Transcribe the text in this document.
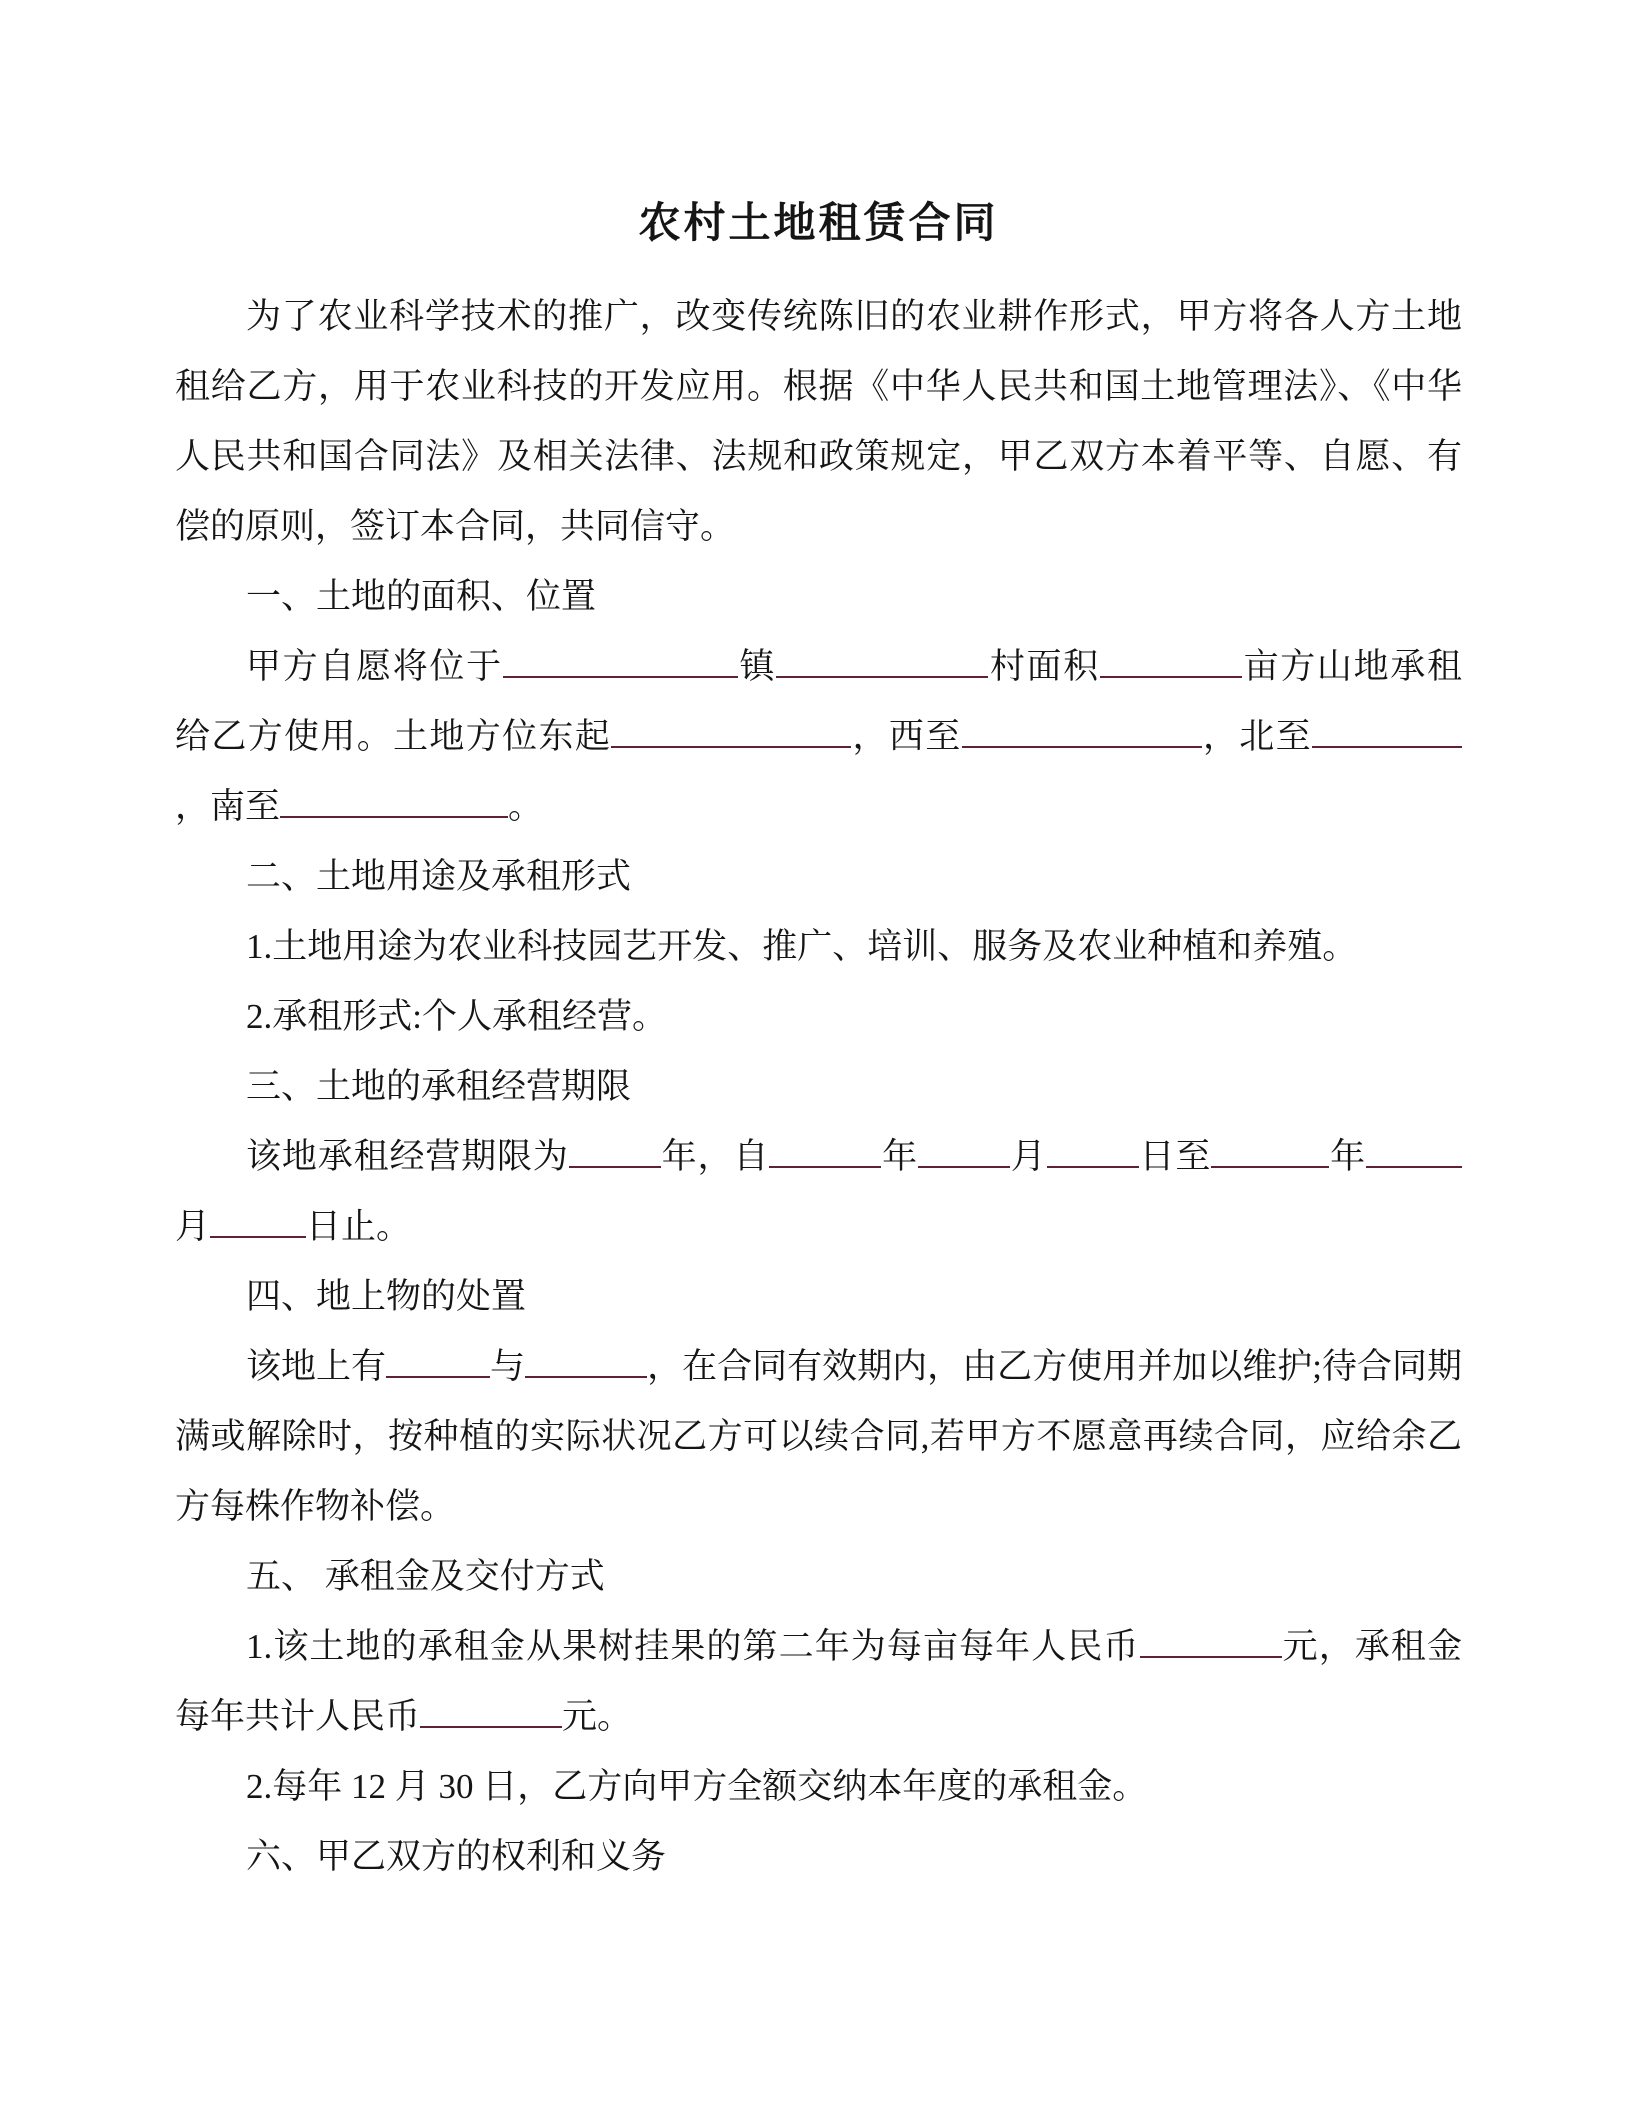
农村土地租赁合同

为了农业科学技术的推广，改变传统陈旧的农业耕作形式，甲方将各人方土地租给乙方，用于农业科技的开发应用。根据《中华人民共和国土地管理法》、《中华人民共和国合同法》及相关法律、法规和政策规定，甲乙双方本着平等、自愿、有偿的原则，签订本合同，共同信守。

一、土地的面积、位置

甲方自愿将位于	镇	村面积	亩方山地承租给乙方使用。土地方位东起	，西至	，北至，南至	。

二、土地用途及承租形式

1.土地用途为农业科技园艺开发、推广、培训、服务及农业种植和养殖。

2.承租形式:个人承租经营。

三、土地的承租经营期限

该地承租经营期限为	年，自	年	月	日至	年月	日止。

四、地上物的处置

该地上有	与	，在合同有效期内，由乙方使用并加以维护;待合同期满或解除时，按种植的实际状况乙方可以续合同,若甲方不愿意再续合同，应给余乙方每株作物补偿。

五、 承租金及交付方式

1.该土地的承租金从果树挂果的第二年为每亩每年人民币	元，承租金每年共计人民币	元。

2.每年 12 月 30 日，乙方向甲方全额交纳本年度的承租金。

六、甲乙双方的权利和义务
